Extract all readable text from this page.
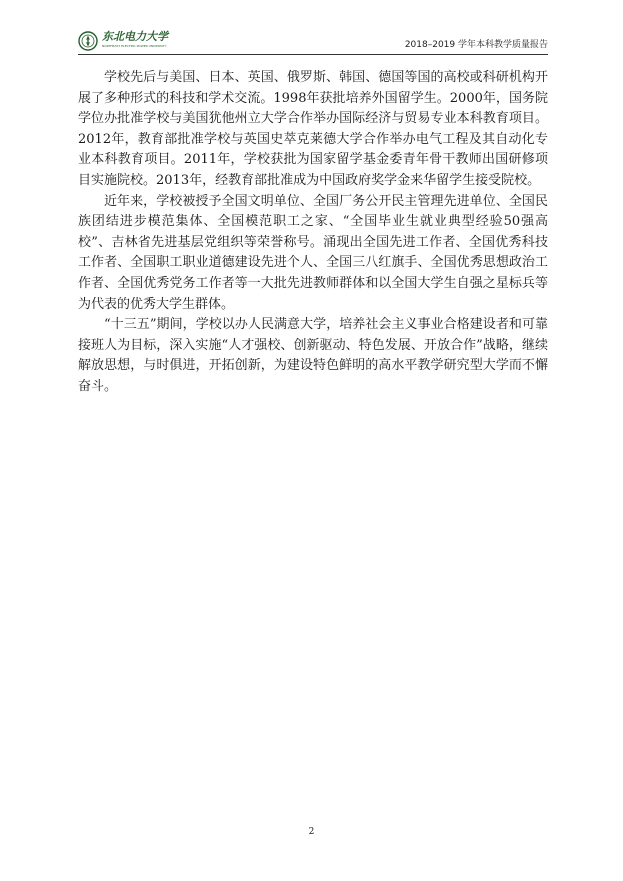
东北电力大学
NORTHEAST ELECTRIC POWER UNIVERSITY	2018–2019 学年本科教学质量报告

学校先后与美国、日本、英国、俄罗斯、韩国、德国等国的高校或科研机构开展了多种形式的科技和学术交流。1998年获批培养外国留学生。2000年，国务院学位办批准学校与美国犹他州立大学合作举办国际经济与贸易专业本科教育项目。2012年，教育部批准学校与英国史萃克莱德大学合作举办电气工程及其自动化专业本科教育项目。2011年，学校获批为国家留学基金委青年骨干教师出国研修项目实施院校。2013年，经教育部批准成为中国政府奖学金来华留学生接受院校。

近年来，学校被授予全国文明单位、全国厂务公开民主管理先进单位、全国民族团结进步模范集体、全国模范职工之家、“全国毕业生就业典型经验50强高校”、吉林省先进基层党组织等荣誉称号。涌现出全国先进工作者、全国优秀科技工作者、全国职工职业道德建设先进个人、全国三八红旗手、全国优秀思想政治工作者、全国优秀党务工作者等一大批先进教师群体和以全国大学生自强之星标兵等为代表的优秀大学生群体。

“十三五”期间，学校以办人民满意大学，培养社会主义事业合格建设者和可靠接班人为目标，深入实施“人才强校、创新驱动、特色发展、开放合作”战略，继续解放思想，与时俱进，开拓创新，为建设特色鲜明的高水平教学研究型大学而不懈奋斗。

2
